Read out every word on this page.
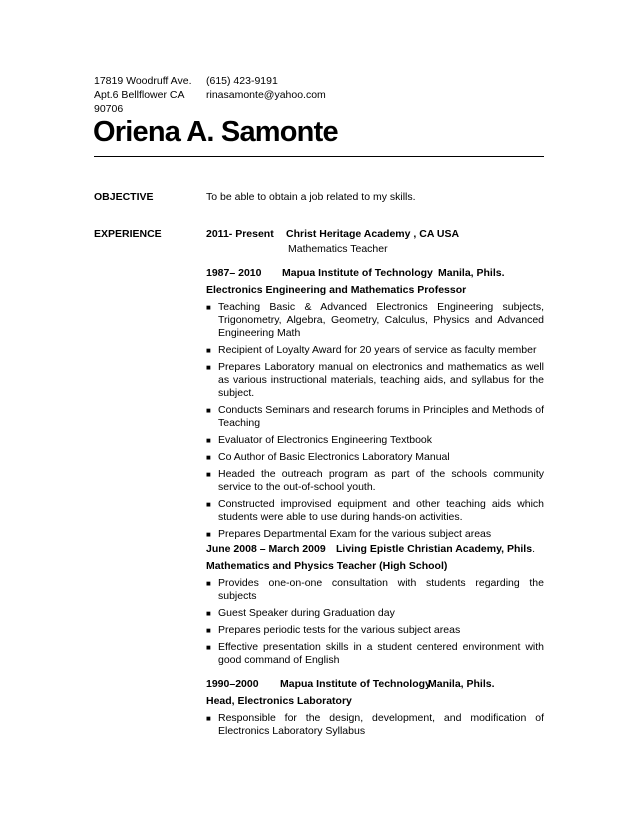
17819 Woodruff Ave.
Apt.6 Bellflower CA
90706
(615) 423-9191
rinasamonte@yahoo.com
Oriena A. Samonte
OBJECTIVE	To be able to obtain a job related to my skills.
EXPERIENCE	2011- Present Christ Heritage Academy , CA USA
Mathematics Teacher
1987– 2010 Mapua Institute of Technology Manila, Phils.
Electronics Engineering and Mathematics Professor
■ Teaching Basic & Advanced Electronics Engineering subjects, Trigonometry, Algebra, Geometry, Calculus, Physics and Advanced Engineering Math
■ Recipient of Loyalty Award for 20 years of service as faculty member
■ Prepares Laboratory manual on electronics and mathematics as well as various instructional materials, teaching aids, and syllabus for the subject.
■ Conducts Seminars and research forums in Principles and Methods of Teaching
■ Evaluator of Electronics Engineering Textbook
■ Co Author of Basic Electronics Laboratory Manual
■ Headed the outreach program as part of the schools community service to the out-of-school youth.
■ Constructed improvised equipment and other teaching aids which students were able to use during hands-on activities.
■ Prepares Departmental Exam for the various subject areas
June 2008 – March 2009 Living Epistle Christian Academy, Phils.
Mathematics and Physics Teacher (High School)
■ Provides one-on-one consultation with students regarding the subjects
■ Guest Speaker during Graduation day
■ Prepares periodic tests for the various subject areas
■ Effective presentation skills in a student centered environment with good command of English
1990–2000 Mapua Institute of TechnologyManila, Phils.
Head, Electronics Laboratory
■ Responsible for the design, development, and modification of Electronics Laboratory Syllabus
